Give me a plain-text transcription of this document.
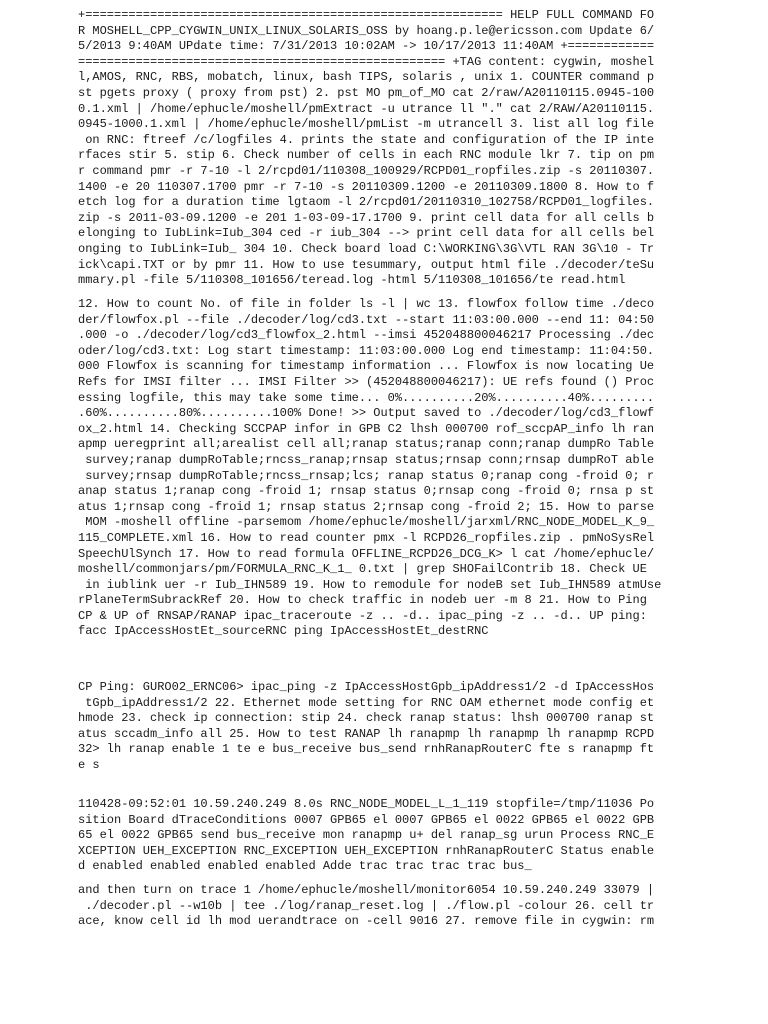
+========================================================== HELP FULL COMMAND FO
R MOSHELL_CPP_CYGWIN_UNIX_LINUX_SOLARIS_OSS by hoang.p.le@ericsson.com Update 6/
5/2013 9:40AM UPdate time: 7/31/2013 10:02AM -> 10/17/2013 11:40AM +============
=================================================== +TAG content: cygwin, moshel
l,AMOS, RNC, RBS, mobatch, linux, bash TIPS, solaris , unix 1. COUNTER command p
st pgets proxy ( proxy from pst) 2. pst MO pm_of_MO cat 2/raw/A20110115.0945-100
0.1.xml | /home/ephucle/moshell/pmExtract -u utrance ll "." cat 2/RAW/A20110115.
0945-1000.1.xml | /home/ephucle/moshell/pmList -m utrancell 3. list all log file
on RNC: ftreef /c/logfiles 4. prints the state and configuration of the IP inte
rfaces stir 5. stip 6. Check number of cells in each RNC module lkr 7. tip on pm
r command pmr -r 7-10 -l 2/rcpd01/110308_100929/RCPD01_ropfiles.zip -s 20110307.
1400 -e 20 110307.1700 pmr -r 7-10 -s 20110309.1200 -e 20110309.1800 8. How to f
etch log for a duration time lgtaom -l 2/rcpd01/20110310_102758/RCPD01_logfiles.
zip -s 2011-03-09.1200 -e 201 1-03-09-17.1700 9. print cell data for all cells b
elonging to IubLink=Iub_304 ced -r iub_304 --> print cell data for all cells bel
onging to IubLink=Iub_ 304 10. Check board load C:\WORKING\3G\VTL RAN 3G\10 - Tr
ick\capi.TXT or by pmr 11. How to use tesummary, output html file ./decoder/teSu
mmary.pl -file 5/110308_101656/teread.log -html 5/110308_101656/te read.html

12. How to count No. of file in folder ls -l | wc 13. flowfox follow time ./deco
der/flowfox.pl --file ./decoder/log/cd3.txt --start 11:03:00.000 --end 11: 04:50
.000 -o ./decoder/log/cd3_flowfox_2.html --imsi 452048800046217 Processing ./dec
oder/log/cd3.txt: Log start timestamp: 11:03:00.000 Log end timestamp: 11:04:50.
000 Flowfox is scanning for timestamp information ... Flowfox is now locating Ue
Refs for IMSI filter ... IMSI Filter >> (452048800046217): UE refs found () Proc
essing logfile, this may take some time... 0%..........20%..........40%.........
.60%..........80%..........100% Done! >> Output saved to ./decoder/log/cd3_flowf
ox_2.html 14. Checking SCCPAP infor in GPB C2 lhsh 000700 rof_sccpAP_info lh ran
apmp ueregprint all;arealist cell all;ranap status;ranap conn;ranap dumpRo Table
survey;ranap dumpRoTable;rncss_ranap;rnsap status;rnsap conn;rnsap dumpRoT able
survey;rnsap dumpRoTable;rncss_rnsap;lcs; ranap status 0;ranap cong -froid 0; r
anap status 1;ranap cong -froid 1; rnsap status 0;rnsap cong -froid 0; rnsa p st
atus 1;rnsap cong -froid 1; rnsap status 2;rnsap cong -froid 2; 15. How to parse
MOM -moshell offline -parsemom /home/ephucle/moshell/jarxml/RNC_NODE_MODEL_K_9_
115_COMPLETE.xml 16. How to read counter pmx -l RCPD26_ropfiles.zip . pmNoSysRel
SpeechUlSynch 17. How to read formula OFFLINE_RCPD26_DCG_K> l cat /home/ephucle/
moshell/commonjars/pm/FORMULA_RNC_K_1_ 0.txt | grep SHOFailContrib 18. Check UE
in iublink uer -r Iub_IHN589 19. How to remodule for nodeB set Iub_IHN589 atmUse
rPlaneTermSubrackRef 20. How to check traffic in nodeb uer -m 8 21. How to Ping
CP & UP of RNSAP/RANAP ipac_traceroute -z .. -d.. ipac_ping -z .. -d.. UP ping:
facc IpAccessHostEt_sourceRNC ping IpAccessHostEt_destRNC

CP Ping: GURO02_ERNC06> ipac_ping -z IpAccessHostGpb_ipAddress1/2 -d IpAccessHos
tGpb_ipAddress1/2 22. Ethernet mode setting for RNC OAM ethernet mode config et
hmode 23. check ip connection: stip 24. check ranap status: lhsh 000700 ranap st
atus sccadm_info all 25. How to test RANAP lh ranapmp lh ranapmp lh ranapmp RCPD
32> lh ranap enable 1 te e bus_receive bus_send rnhRanapRouterC fte s ranapmp ft
e s

110428-09:52:01 10.59.240.249 8.0s RNC_NODE_MODEL_L_1_119 stopfile=/tmp/11036 Po
sition Board dTraceConditions 0007 GPB65 el 0007 GPB65 el 0022 GPB65 el 0022 GPB
65 el 0022 GPB65 send bus_receive mon ranapmp u+ del ranap_sg urun Process RNC_E
XCEPTION UEH_EXCEPTION RNC_EXCEPTION UEH_EXCEPTION rnhRanapRouterC Status enable
d enabled enabled enabled enabled Adde trac trac trac trac bus_

and then turn on trace 1 /home/ephucle/moshell/monitor6054 10.59.240.249 33079 |
./decoder.pl --w10b | tee ./log/ranap_reset.log | ./flow.pl -colour 26. cell tr
ace, know cell id lh mod uerandtrace on -cell 9016 27. remove file in cygwin: rm
